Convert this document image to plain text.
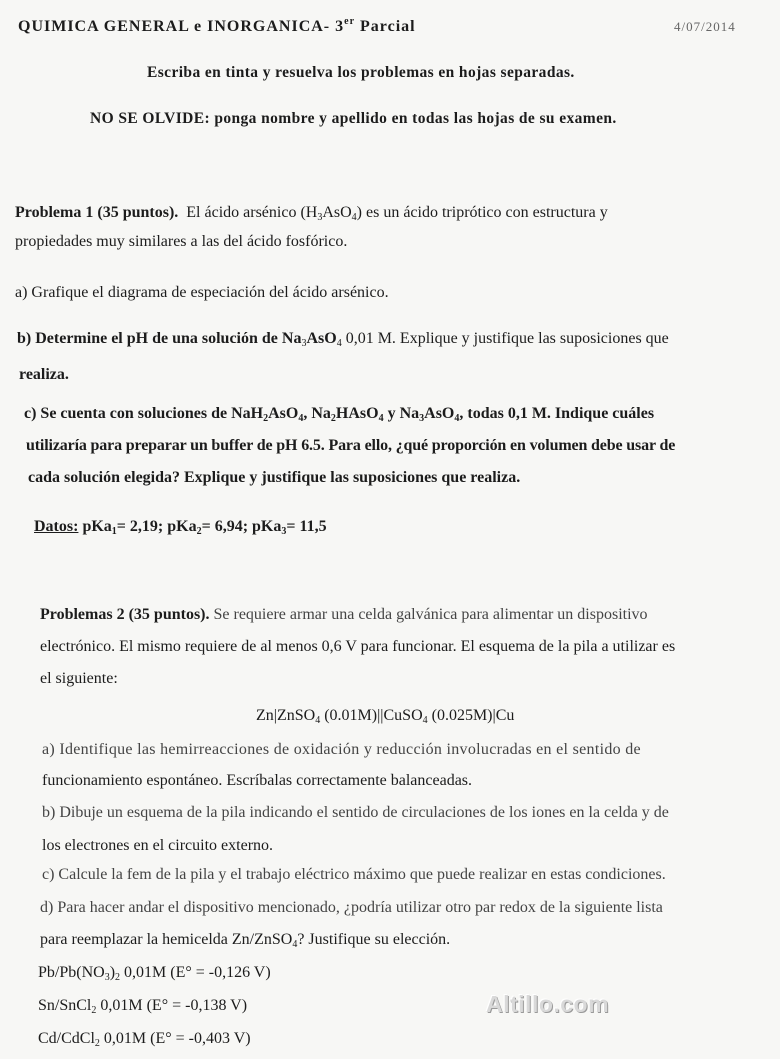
QUIMICA GENERAL e INORGANICA- 3er Parcial	4/07/2014
Escriba en tinta y resuelva los problemas en hojas separadas.
NO SE OLVIDE: ponga nombre y apellido en todas las hojas de su examen.
Problema 1 (35 puntos). El ácido arsénico $(H_3AsO_4)$ es un ácido triprótico con estructura y
propiedades muy similares a las del ácido fosfórico.
a) Grafique el diagrama de especiación del ácido arsénico.
b) Determine el pH de una solución de $Na_3AsO_4$ 0,01 M. Explique y justifique las suposiciones que
realiza.
c) Se cuenta con soluciones de NaH$_2$AsO$_4$, $Na_2HAsO_4$ y $Na_3AsO_4$, todas 0,1 M. Indique cuáles
utilizaría para preparar un buffer de pH 6.5. Para ello, ¿qué proporción en volumen debe usar de
cada solución elegida? Explique y justifique las suposiciones que realiza.
Datos: pKa$_1$= 2,19; pKa$_2$= 6,94; pKa$_3$= 11,5
Problemas 2 (35 puntos). Se requiere armar una celda galvánica para alimentar un dispositivo
electrónico. El mismo requiere de al menos 0,6 V para funcionar. El esquema de la pila a utilizar es
el siguiente:
Zn|ZnSO$_4$ (0.01M)||CuSO$_4$ (0.025M)|Cu
a) Identifique las hemirreacciones de oxidación y reducción involucradas en el sentido de
funcionamiento espontáneo. Escríbalas correctamente balanceadas.
b) Dibuje un esquema de la pila indicando el sentido de circulaciones de los iones en la celda y de
los electrones en el circuito externo.
c) Calcule la fem de la pila y el trabajo eléctrico máximo que puede realizar en estas condiciones.
d) Para hacer andar el dispositivo mencionado, ¿podría utilizar otro par redox de la siguiente lista
para reemplazar la hemicelda Zn/ZnSO$_4$? Justifique su elección.
$Pb/Pb(NO_3)_2$ 0,01M (E° = -0,126 V)
Sn/SnCl$_2$ 0,01M (E° = -0,138 V)
Cd/CdCl$_2$ 0,01M (E° = -0,403 V)
Altillo.com
